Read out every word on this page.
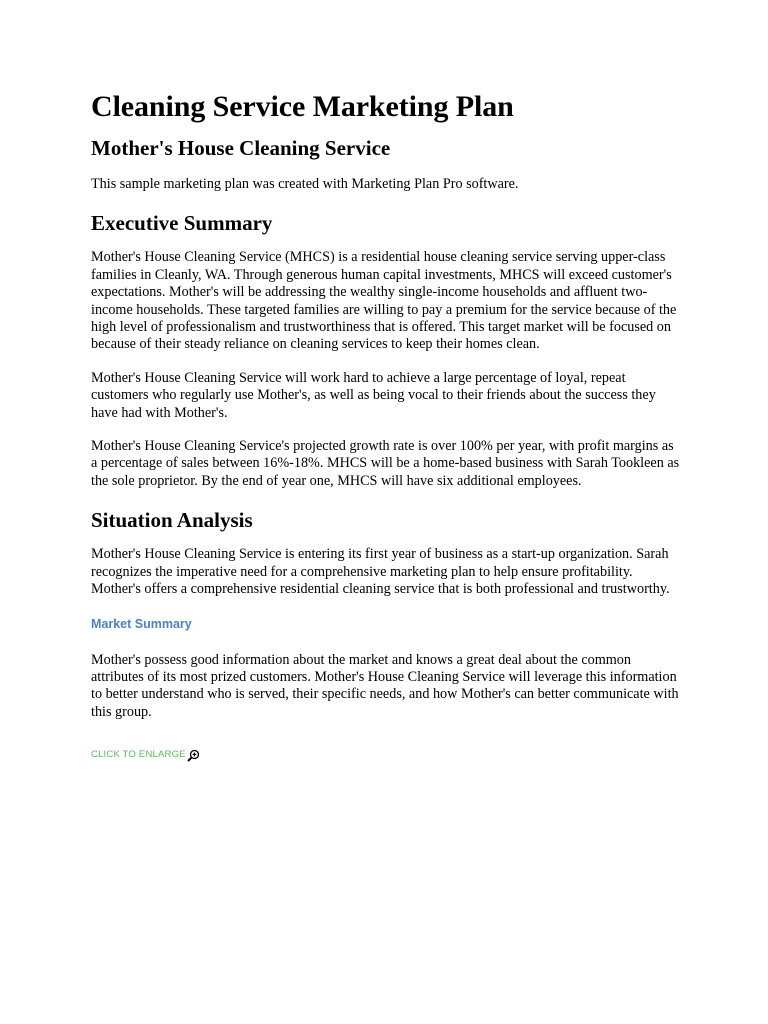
Cleaning Service Marketing Plan
Mother's House Cleaning Service

This sample marketing plan was created with Marketing Plan Pro software.

Executive Summary

Mother's House Cleaning Service (MHCS) is a residential house cleaning service serving upper-class families in Cleanly, WA. Through generous human capital investments, MHCS will exceed customer's expectations. Mother's will be addressing the wealthy single-income households and affluent two-income households. These targeted families are willing to pay a premium for the service because of the high level of professionalism and trustworthiness that is offered. This target market will be focused on because of their steady reliance on cleaning services to keep their homes clean.

Mother's House Cleaning Service will work hard to achieve a large percentage of loyal, repeat customers who regularly use Mother's, as well as being vocal to their friends about the success they have had with Mother's.

Mother's House Cleaning Service's projected growth rate is over 100% per year, with profit margins as a percentage of sales between 16%-18%. MHCS will be a home-based business with Sarah Tookleen as the sole proprietor. By the end of year one, MHCS will have six additional employees.

Situation Analysis

Mother's House Cleaning Service is entering its first year of business as a start-up organization. Sarah recognizes the imperative need for a comprehensive marketing plan to help ensure profitability. Mother's offers a comprehensive residential cleaning service that is both professional and trustworthy.

Market Summary

Mother's possess good information about the market and knows a great deal about the common attributes of its most prized customers. Mother's House Cleaning Service will leverage this information to better understand who is served, their specific needs, and how Mother's can better communicate with this group.

CLICK TO ENLARGE
